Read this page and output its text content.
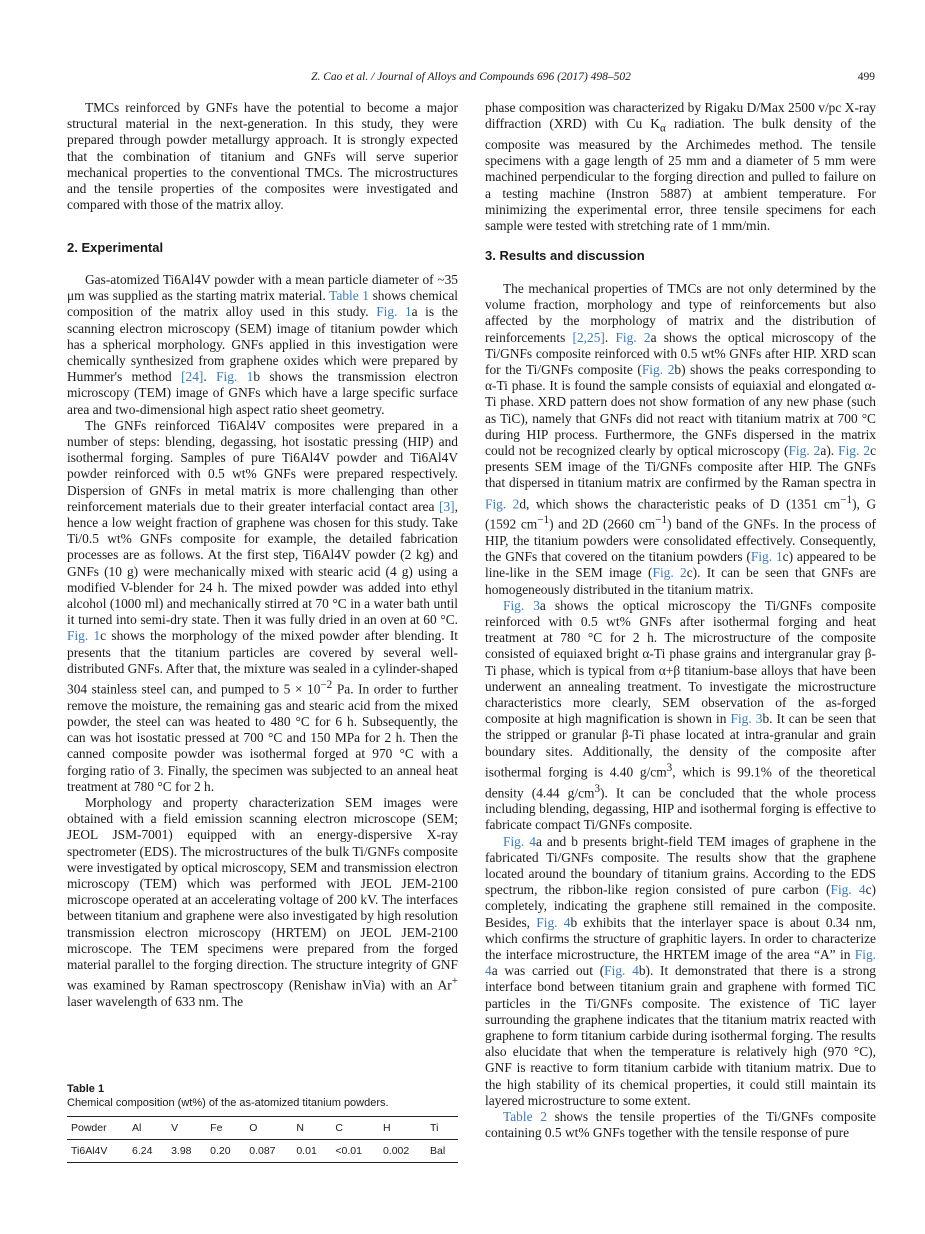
Z. Cao et al. / Journal of Alloys and Compounds 696 (2017) 498–502	499

TMCs reinforced by GNFs have the potential to become a major structural material in the next-generation. In this study, they were prepared through powder metallurgy approach. It is strongly expected that the combination of titanium and GNFs will serve superior mechanical properties to the conventional TMCs. The microstructures and the tensile properties of the composites were investigated and compared with those of the matrix alloy.

2. Experimental

Gas-atomized Ti6Al4V powder with a mean particle diameter of ~35 μm was supplied as the starting matrix material. Table 1 shows chemical composition of the matrix alloy used in this study. Fig. 1a is the scanning electron microscopy (SEM) image of titanium powder which has a spherical morphology. GNFs applied in this investigation were chemically synthesized from graphene oxides which were prepared by Hummer's method [24]. Fig. 1b shows the transmission electron microscopy (TEM) image of GNFs which have a large specific surface area and two-dimensional high aspect ratio sheet geometry.

The GNFs reinforced Ti6Al4V composites were prepared in a number of steps: blending, degassing, hot isostatic pressing (HIP) and isothermal forging. Samples of pure Ti6Al4V powder and Ti6Al4V powder reinforced with 0.5 wt% GNFs were prepared respectively. Dispersion of GNFs in metal matrix is more challenging than other reinforcement materials due to their greater interfacial contact area [3], hence a low weight fraction of graphene was chosen for this study. Take Ti/0.5 wt% GNFs composite for example, the detailed fabrication processes are as follows. At the first step, Ti6Al4V powder (2 kg) and GNFs (10 g) were mechanically mixed with stearic acid (4 g) using a modified V-blender for 24 h. The mixed powder was added into ethyl alcohol (1000 ml) and mechanically stirred at 70 °C in a water bath until it turned into semi-dry state. Then it was fully dried in an oven at 60 °C. Fig. 1c shows the morphology of the mixed powder after blending. It presents that the titanium particles are covered by several well-distributed GNFs. After that, the mixture was sealed in a cylinder-shaped 304 stainless steel can, and pumped to $5 \times 10^{-2}$ Pa. In order to further remove the moisture, the remaining gas and stearic acid from the mixed powder, the steel can was heated to 480 °C for 6 h. Subsequently, the can was hot isostatic pressed at 700 °C and 150 MPa for 2 h. Then the canned composite powder was isothermal forged at 970 °C with a forging ratio of 3. Finally, the specimen was subjected to an anneal heat treatment at 780 °C for 2 h.

Morphology and property characterization SEM images were obtained with a field emission scanning electron microscope (SEM; JEOL JSM-7001) equipped with an energy-dispersive X-ray spectrometer (EDS). The microstructures of the bulk Ti/GNFs composite were investigated by optical microscopy, SEM and transmission electron microscopy (TEM) which was performed with JEOL JEM-2100 microscope operated at an accelerating voltage of 200 kV. The interfaces between titanium and graphene were also investigated by high resolution transmission electron microscopy (HRTEM) on JEOL JEM-2100 microscope. The TEM specimens were prepared from the forged material parallel to the forging direction. The structure integrity of GNF was examined by Raman spectroscopy (Renishaw inVia) with an Ar+ laser wavelength of 633 nm. The

Table 1
Chemical composition (wt%) of the as-atomized titanium powders.
Powder	Al	V	Fe	O	N	C	H	Ti
Ti6Al4V	6.24	3.98	0.20	0.087	0.01	<0.01	0.002	Bal

phase composition was characterized by Rigaku D/Max 2500 v/pc X-ray diffraction (XRD) with Cu $K_\alpha$ radiation. The bulk density of the composite was measured by the Archimedes method. The tensile specimens with a gage length of 25 mm and a diameter of 5 mm were machined perpendicular to the forging direction and pulled to failure on a testing machine (Instron 5887) at ambient temperature. For minimizing the experimental error, three tensile specimens for each sample were tested with stretching rate of 1 mm/min.

3. Results and discussion

The mechanical properties of TMCs are not only determined by the volume fraction, morphology and type of reinforcements but also affected by the morphology of matrix and the distribution of reinforcements [2,25]. Fig. 2a shows the optical microscopy of the Ti/GNFs composite reinforced with 0.5 wt% GNFs after HIP. XRD scan for the Ti/GNFs composite (Fig. 2b) shows the peaks corresponding to α-Ti phase. It is found the sample consists of equiaxial and elongated α-Ti phase. XRD pattern does not show formation of any new phase (such as TiC), namely that GNFs did not react with titanium matrix at 700 °C during HIP process. Furthermore, the GNFs dispersed in the matrix could not be recognized clearly by optical microscopy (Fig. 2a). Fig. 2c presents SEM image of the Ti/GNFs composite after HIP. The GNFs that dispersed in titanium matrix are confirmed by the Raman spectra in Fig. 2d, which shows the characteristic peaks of D (1351 $cm^{-1}$), G (1592 $cm^{-1}$) and 2D (2660 $cm^{-1}$) band of the GNFs. In the process of HIP, the titanium powders were consolidated effectively. Consequently, the GNFs that covered on the titanium powders (Fig. 1c) appeared to be line-like in the SEM image (Fig. 2c). It can be seen that GNFs are homogeneously distributed in the titanium matrix.

Fig. 3a shows the optical microscopy the Ti/GNFs composite reinforced with 0.5 wt% GNFs after isothermal forging and heat treatment at 780 °C for 2 h. The microstructure of the composite consisted of equiaxed bright α-Ti phase grains and intergranular gray β-Ti phase, which is typical from α+β titanium-base alloys that have been underwent an annealing treatment. To investigate the microstructure characteristics more clearly, SEM observation of the as-forged composite at high magnification is shown in Fig. 3b. It can be seen that the stripped or granular β-Ti phase located at intra-granular and grain boundary sites. Additionally, the density of the composite after isothermal forging is 4.40 $g/cm^3$, which is 99.1% of the theoretical density (4.44 $g/cm^3$). It can be concluded that the whole process including blending, degassing, HIP and isothermal forging is effective to fabricate compact Ti/GNFs composite.

Fig. 4a and b presents bright-field TEM images of graphene in the fabricated Ti/GNFs composite. The results show that the graphene located around the boundary of titanium grains. According to the EDS spectrum, the ribbon-like region consisted of pure carbon (Fig. 4c) completely, indicating the graphene still remained in the composite. Besides, Fig. 4b exhibits that the interlayer space is about 0.34 nm, which confirms the structure of graphitic layers. In order to characterize the interface microstructure, the HRTEM image of the area “A” in Fig. 4a was carried out (Fig. 4b). It demonstrated that there is a strong interface bond between titanium grain and graphene with formed TiC particles in the Ti/GNFs composite. The existence of TiC layer surrounding the graphene indicates that the titanium matrix reacted with graphene to form titanium carbide during isothermal forging. The results also elucidate that when the temperature is relatively high (970 °C), GNF is reactive to form titanium carbide with titanium matrix. Due to the high stability of its chemical properties, it could still maintain its layered microstructure to some extent.

Table 2 shows the tensile properties of the Ti/GNFs composite containing 0.5 wt% GNFs together with the tensile response of pure
